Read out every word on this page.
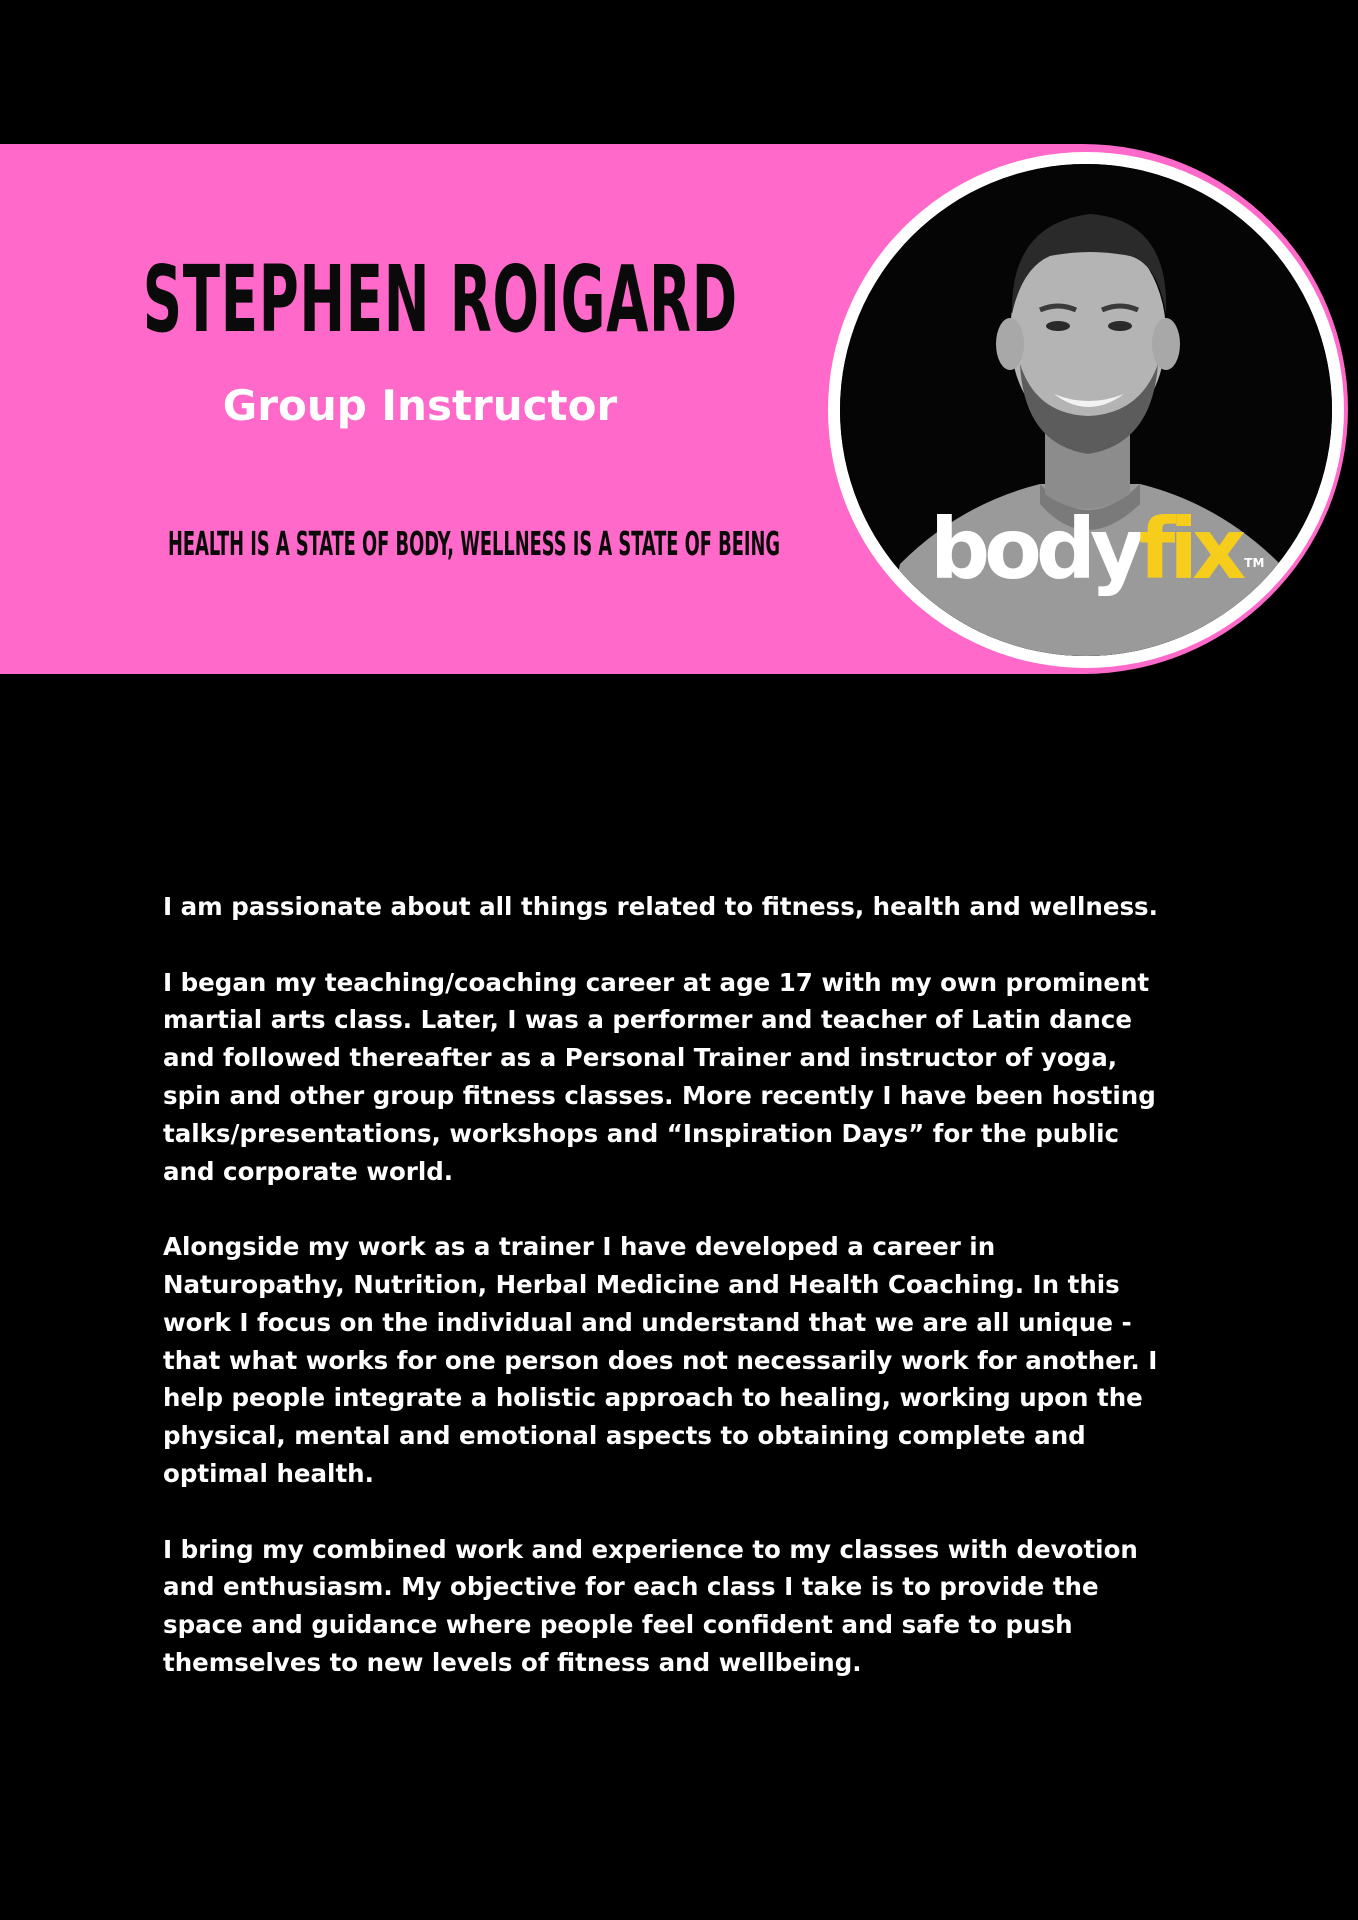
STEPHEN ROIGARD
Group Instructor
HEALTH IS A STATE OF BODY, WELLNESS IS A STATE OF BEING bodyfix ™

I am passionate about all things related to fitness, health and wellness.

I began my teaching/coaching career at age 17 with my own prominent martial arts class. Later, I was a performer and teacher of Latin dance and followed thereafter as a Personal Trainer and instructor of yoga, spin and other group fitness classes. More recently I have been hosting talks/presentations, workshops and “Inspiration Days” for the public and corporate world.

Alongside my work as a trainer I have developed a career in Naturopathy, Nutrition, Herbal Medicine and Health Coaching. In this work I focus on the individual and understand that we are all unique - that what works for one person does not necessarily work for another. I help people integrate a holistic approach to healing, working upon the physical, mental and emotional aspects to obtaining complete and optimal health.

I bring my combined work and experience to my classes with devotion and enthusiasm. My objective for each class I take is to provide the space and guidance where people feel confident and safe to push themselves to new levels of fitness and wellbeing.
